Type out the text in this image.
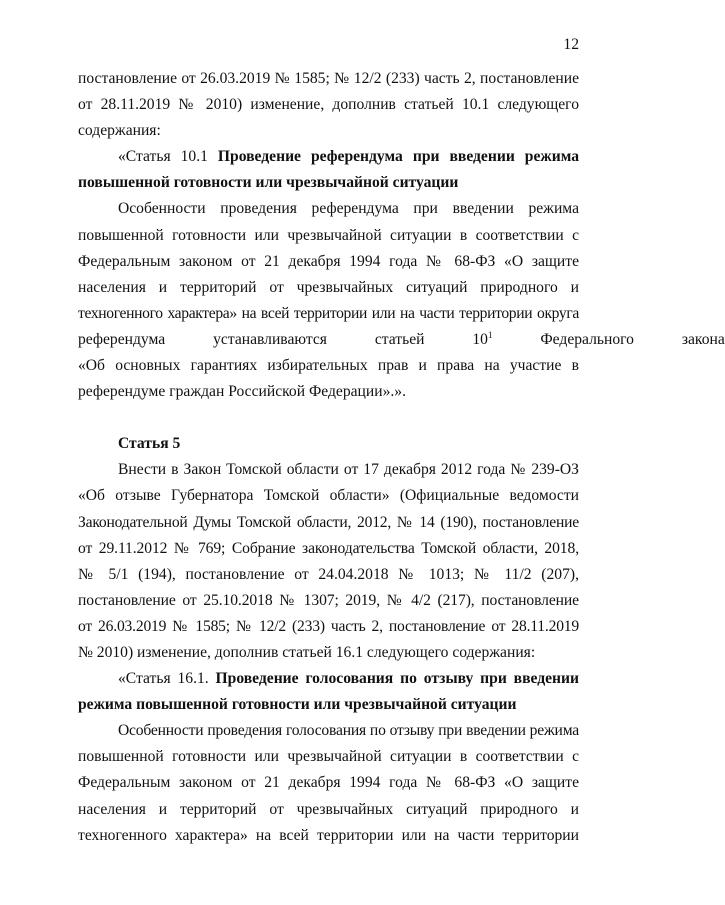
12
постановление от 26.03.2019 № 1585; № 12/2 (233) часть 2, постановление
от 28.11.2019 № 2010) изменение, дополнив статьей 10.1 следующего
содержания:
«Статья 10.1 Проведение референдума при введении режима
повышенной готовности или чрезвычайной ситуации
Особенности проведения референдума при введении режима
повышенной готовности или чрезвычайной ситуации в соответствии с
Федеральным законом от 21 декабря 1994 года № 68-ФЗ «О защите
населения и территорий от чрезвычайных ситуаций природного и
техногенного характера» на всей территории или на части территории округа
референдума устанавливаются статьей $10^1$ Федерального закона
«Об основных гарантиях избирательных прав и права на участие в
референдуме граждан Российской Федерации».».
Статья 5
Внести в Закон Томской области от 17 декабря 2012 года № 239-ОЗ
«Об отзыве Губернатора Томской области» (Официальные ведомости
Законодательной Думы Томской области, 2012, № 14 (190), постановление
от 29.11.2012 № 769; Собрание законодательства Томской области, 2018,
№ 5/1 (194), постановление от 24.04.2018 № 1013; № 11/2 (207),
постановление от 25.10.2018 № 1307; 2019, № 4/2 (217), постановление
от 26.03.2019 № 1585; № 12/2 (233) часть 2, постановление от 28.11.2019
№ 2010) изменение, дополнив статьей 16.1 следующего содержания:
«Статья 16.1. Проведение голосования по отзыву при введении
режима повышенной готовности или чрезвычайной ситуации
Особенности проведения голосования по отзыву при введении режима
повышенной готовности или чрезвычайной ситуации в соответствии с
Федеральным законом от 21 декабря 1994 года № 68-ФЗ «О защите
населения и территорий от чрезвычайных ситуаций природного и
техногенного характера» на всей территории или на части территории
